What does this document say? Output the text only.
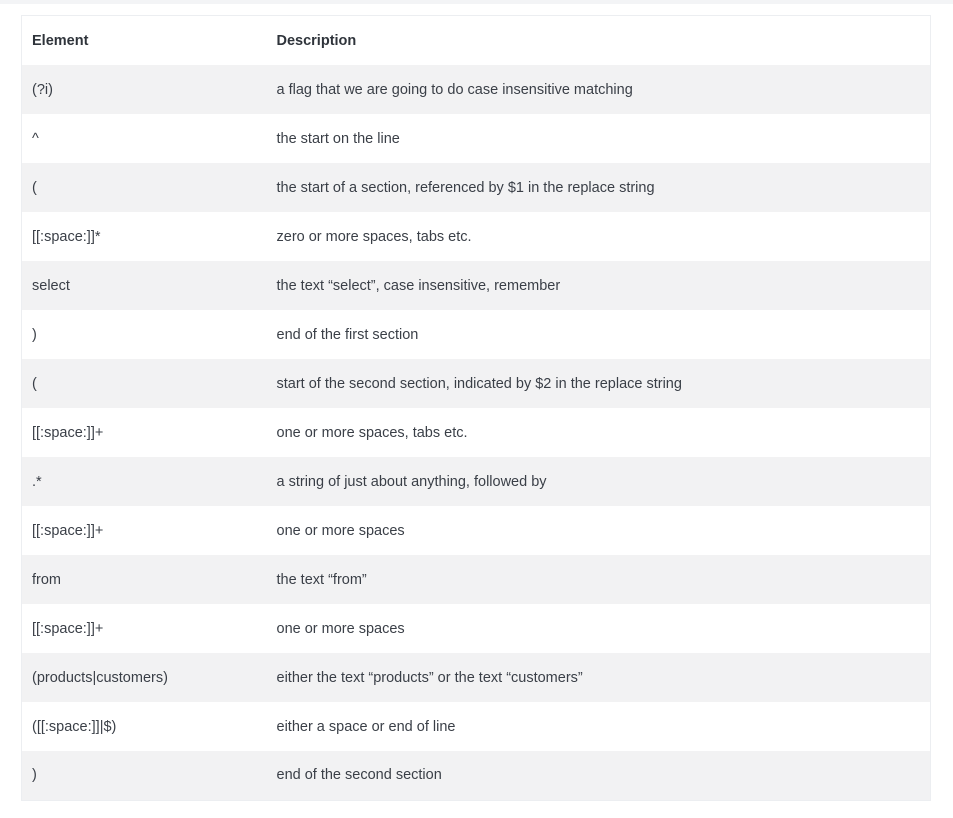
Element	Description
(?i)	a flag that we are going to do case insensitive matching
^	the start on the line
(	the start of a section, referenced by $1 in the replace string
[[:space:]]*	zero or more spaces, tabs etc.
select	the text “select”, case insensitive, remember
)	end of the first section
(	start of the second section, indicated by $2 in the replace string
[[:space:]]+	one or more spaces, tabs etc.
.*	a string of just about anything, followed by
[[:space:]]+	one or more spaces
from	the text “from”
[[:space:]]+	one or more spaces
(products|customers)	either the text “products” or the text “customers”
([[:space:]]|$)	either a space or end of line
)	end of the second section
